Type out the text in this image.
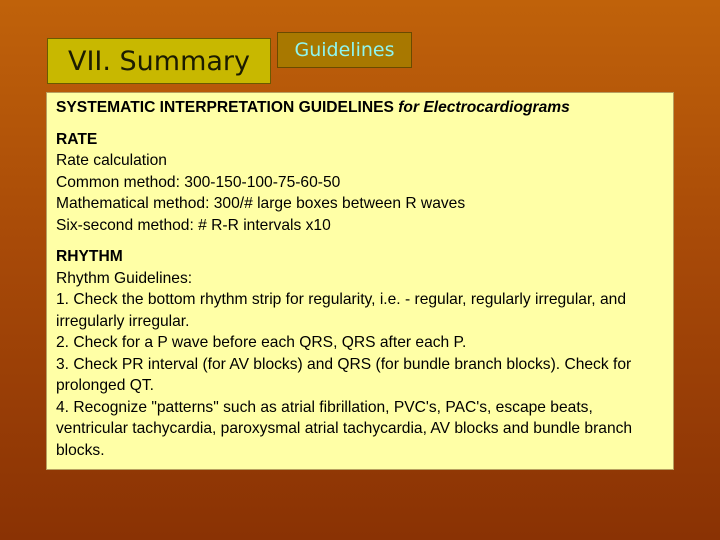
VII. Summary	Guidelines
SYSTEMATIC INTERPRETATION GUIDELINES for Electrocardiograms
RATE
Rate calculation
Common method: 300-150-100-75-60-50
Mathematical method: 300/# large boxes between R waves
Six-second method: # R-R intervals x10
RHYTHM
Rhythm Guidelines:
1. Check the bottom rhythm strip for regularity, i.e. - regular, regularly irregular, and irregularly irregular.
2. Check for a P wave before each QRS, QRS after each P.
3. Check PR interval (for AV blocks) and QRS (for bundle branch blocks). Check for prolonged QT.
4. Recognize "patterns" such as atrial fibrillation, PVC's, PAC's, escape beats, ventricular tachycardia, paroxysmal atrial tachycardia, AV blocks and bundle branch blocks.
